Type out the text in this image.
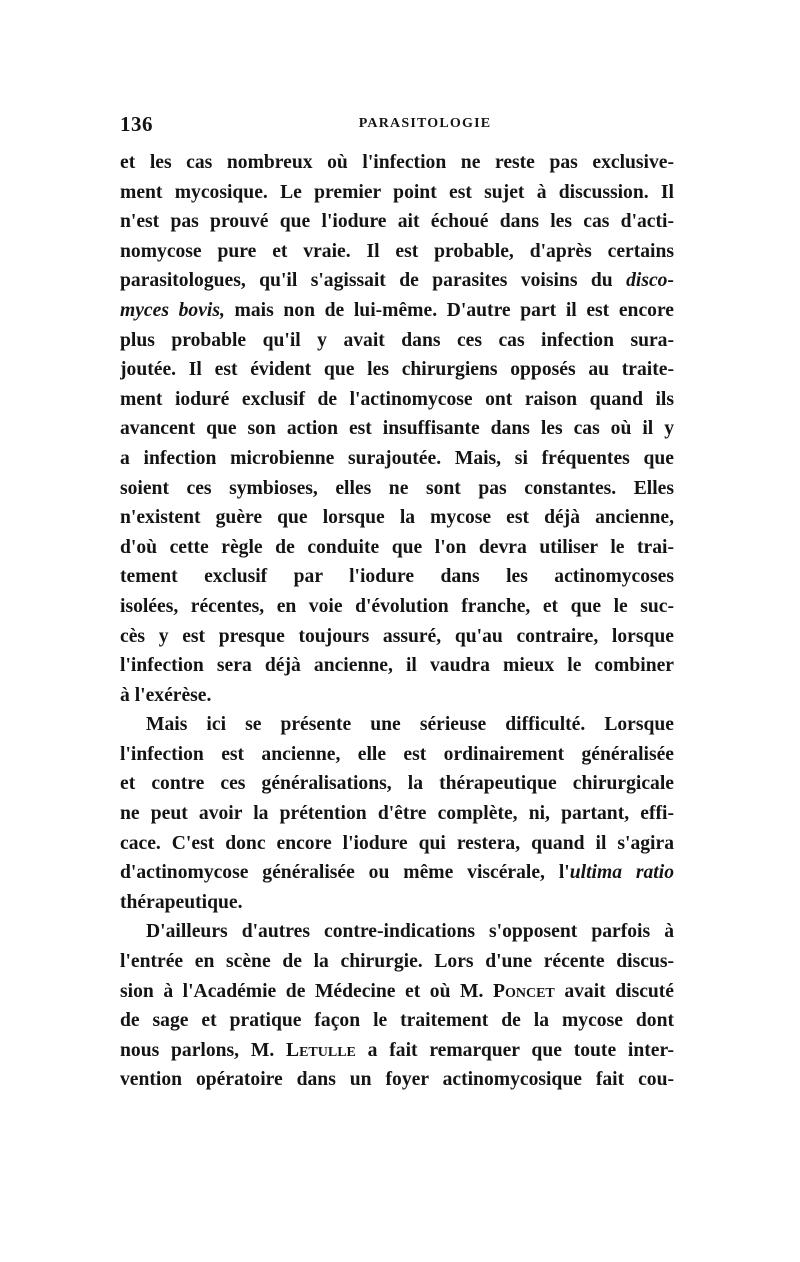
136	PARASITOLOGIE

et les cas nombreux où l'infection ne reste pas exclusive-
ment mycosique. Le premier point est sujet à discussion. Il
n'est pas prouvé que l'iodure ait échoué dans les cas d'acti-
nomycose pure et vraie. Il est probable, d'après certains
parasitologues, qu'il s'agissait de parasites voisins du disco-
myces bovis, mais non de lui-même. D'autre part il est encore
plus probable qu'il y avait dans ces cas infection sura-
joutée. Il est évident que les chirurgiens opposés au traite-
ment ioduré exclusif de l'actinomycose ont raison quand ils
avancent que son action est insuffisante dans les cas où il y
a infection microbienne surajoutée. Mais, si fréquentes que
soient ces symbioses, elles ne sont pas constantes. Elles
n'existent guère que lorsque la mycose est déjà ancienne,
d'où cette règle de conduite que l'on devra utiliser le trai-
tement exclusif par l'iodure dans les actinomycoses
isolées, récentes, en voie d'évolution franche, et que le suc-
cès y est presque toujours assuré, qu'au contraire, lorsque
l'infection sera déjà ancienne, il vaudra mieux le combiner
à l'exérèse.

Mais ici se présente une sérieuse difficulté. Lorsque
l'infection est ancienne, elle est ordinairement généralisée
et contre ces généralisations, la thérapeutique chirurgicale
ne peut avoir la prétention d'être complète, ni, partant, effi-
cace. C'est donc encore l'iodure qui restera, quand il s'agira
d'actinomycose généralisée ou même viscérale, l'ultima ratio
thérapeutique.

D'ailleurs d'autres contre-indications s'opposent parfois à
l'entrée en scène de la chirurgie. Lors d'une récente discus-
sion à l'Académie de Médecine et où M. Poncet avait discuté
de sage et pratique façon le traitement de la mycose dont
nous parlons, M. Letulle a fait remarquer que toute inter-
vention opératoire dans un foyer actinomycosique fait cou-
